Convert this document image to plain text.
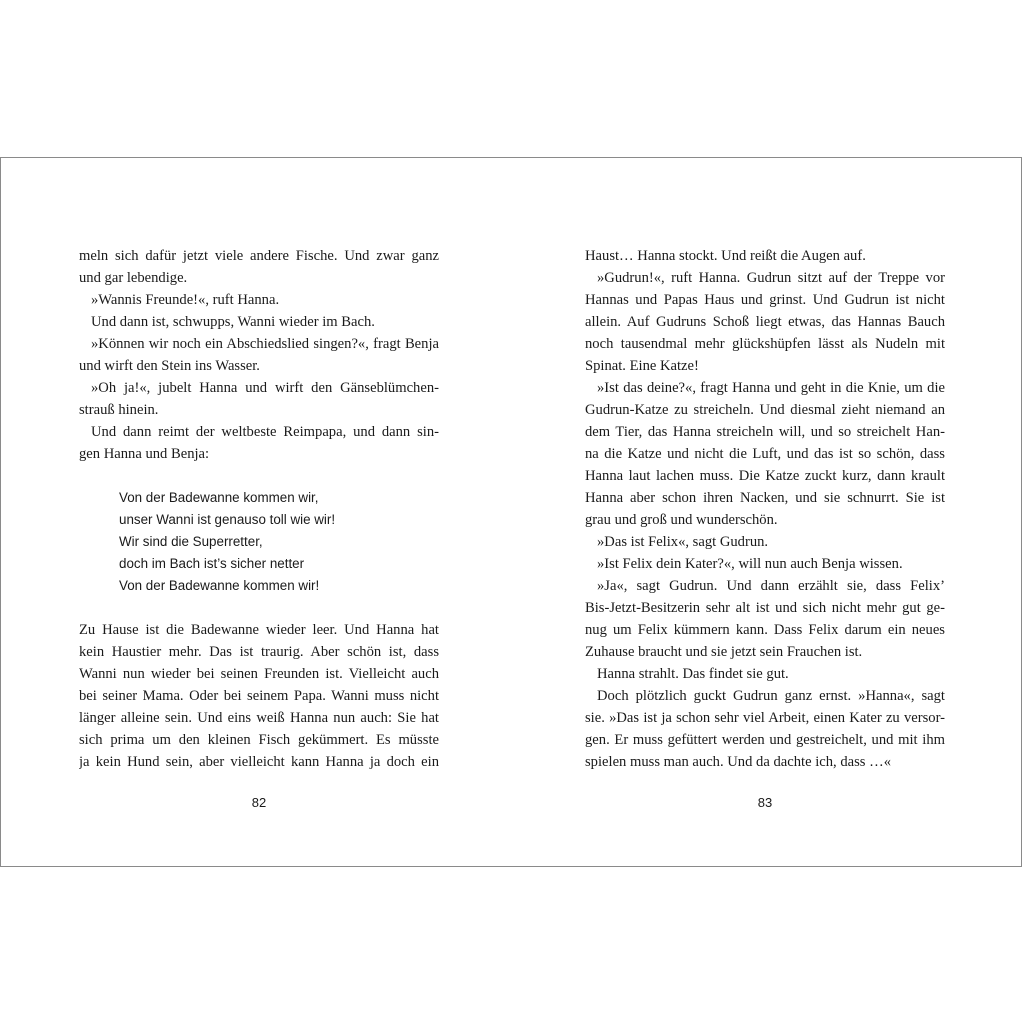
meln sich dafür jetzt viele andere Fische. Und zwar ganz
und gar lebendige.
»Wannis Freunde!«, ruft Hanna.
Und dann ist, schwupps, Wanni wieder im Bach.
»Können wir noch ein Abschiedslied singen?«, fragt Benja
und wirft den Stein ins Wasser.
»Oh ja!«, jubelt Hanna und wirft den Gänseblümchen-
strauß hinein.
Und dann reimt der weltbeste Reimpapa, und dann sin-
gen Hanna und Benja:
Von der Badewanne kommen wir,
unser Wanni ist genauso toll wie wir!
Wir sind die Superretter,
doch im Bach ist’s sicher netter
Von der Badewanne kommen wir!
Zu Hause ist die Badewanne wieder leer. Und Hanna hat
kein Haustier mehr. Das ist traurig. Aber schön ist, dass
Wanni nun wieder bei seinen Freunden ist. Vielleicht auch
bei seiner Mama. Oder bei seinem Papa. Wanni muss nicht
länger alleine sein. Und eins weiß Hanna nun auch: Sie hat
sich prima um den kleinen Fisch gekümmert. Es müsste
ja kein Hund sein, aber vielleicht kann Hanna ja doch ein
Haust… Hanna stockt. Und reißt die Augen auf.
»Gudrun!«, ruft Hanna. Gudrun sitzt auf der Treppe vor
Hannas und Papas Haus und grinst. Und Gudrun ist nicht
allein. Auf Gudruns Schoß liegt etwas, das Hannas Bauch
noch tausendmal mehr glückshüpfen lässt als Nudeln mit
Spinat. Eine Katze!
»Ist das deine?«, fragt Hanna und geht in die Knie, um die
Gudrun-Katze zu streicheln. Und diesmal zieht niemand an
dem Tier, das Hanna streicheln will, und so streichelt Han-
na die Katze und nicht die Luft, und das ist so schön, dass
Hanna laut lachen muss. Die Katze zuckt kurz, dann krault
Hanna aber schon ihren Nacken, und sie schnurrt. Sie ist
grau und groß und wunderschön.
»Das ist Felix«, sagt Gudrun.
»Ist Felix dein Kater?«, will nun auch Benja wissen.
»Ja«, sagt Gudrun. Und dann erzählt sie, dass Felix’
Bis-Jetzt-Besitzerin sehr alt ist und sich nicht mehr gut ge-
nug um Felix kümmern kann. Dass Felix darum ein neues
Zuhause braucht und sie jetzt sein Frauchen ist.
Hanna strahlt. Das findet sie gut.
Doch plötzlich guckt Gudrun ganz ernst. »Hanna«, sagt
sie. »Das ist ja schon sehr viel Arbeit, einen Kater zu versor-
gen. Er muss gefüttert werden und gestreichelt, und mit ihm
spielen muss man auch. Und da dachte ich, dass …«
82	83
